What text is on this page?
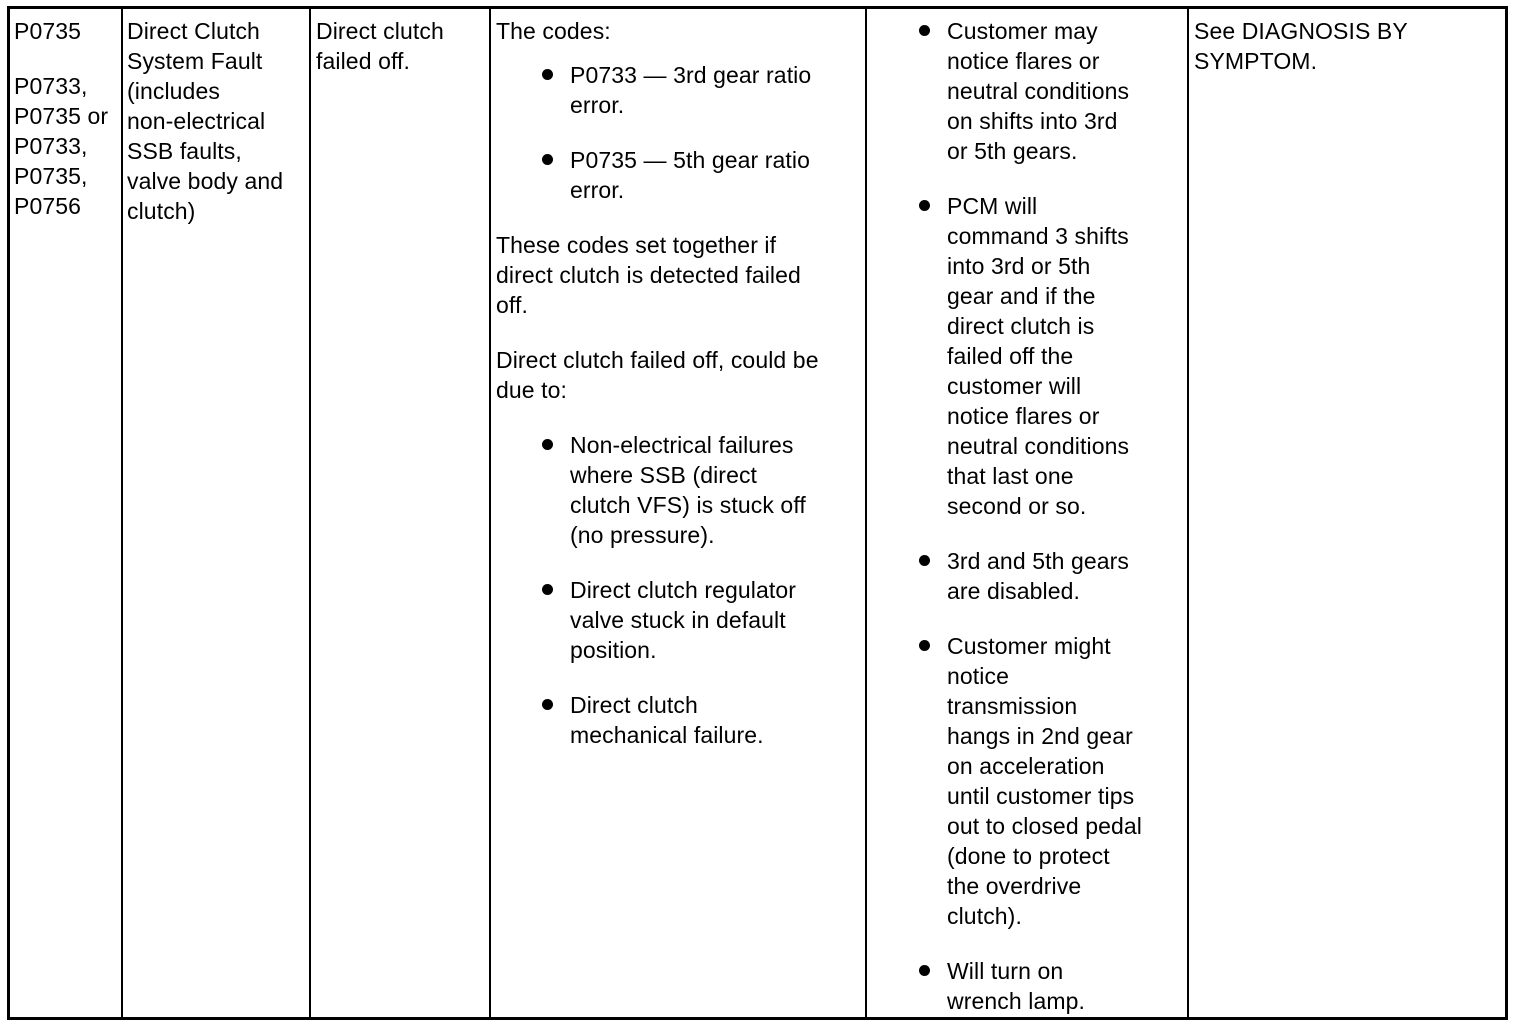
P0735

P0733,

P0735 or

P0733,

P0735,

P0756

Direct Clutch

System Fault

(includes

non-electrical

SSB faults,

valve body and

clutch)

Direct clutch

failed off.

The codes:

P0733 — 3rd gear ratio
error.
P0735 — 5th gear ratio
error.

These codes set together if

direct clutch is detected failed

off.

Direct clutch failed off, could be

due to:

Non-electrical failures
where SSB (direct
clutch VFS) is stuck off
(no pressure).
Direct clutch regulator
valve stuck in default
position.
Direct clutch
mechanical failure.
Customer may
notice flares or
neutral conditions
on shifts into 3rd
or 5th gears.
PCM will
command 3 shifts
into 3rd or 5th
gear and if the
direct clutch is
failed off the
customer will
notice flares or
neutral conditions
that last one
second or so.
3rd and 5th gears
are disabled.
Customer might
notice
transmission
hangs in 2nd gear
on acceleration
until customer tips
out to closed pedal
(done to protect
the overdrive
clutch).
Will turn on
wrench lamp.

See DIAGNOSIS BY

SYMPTOM.
